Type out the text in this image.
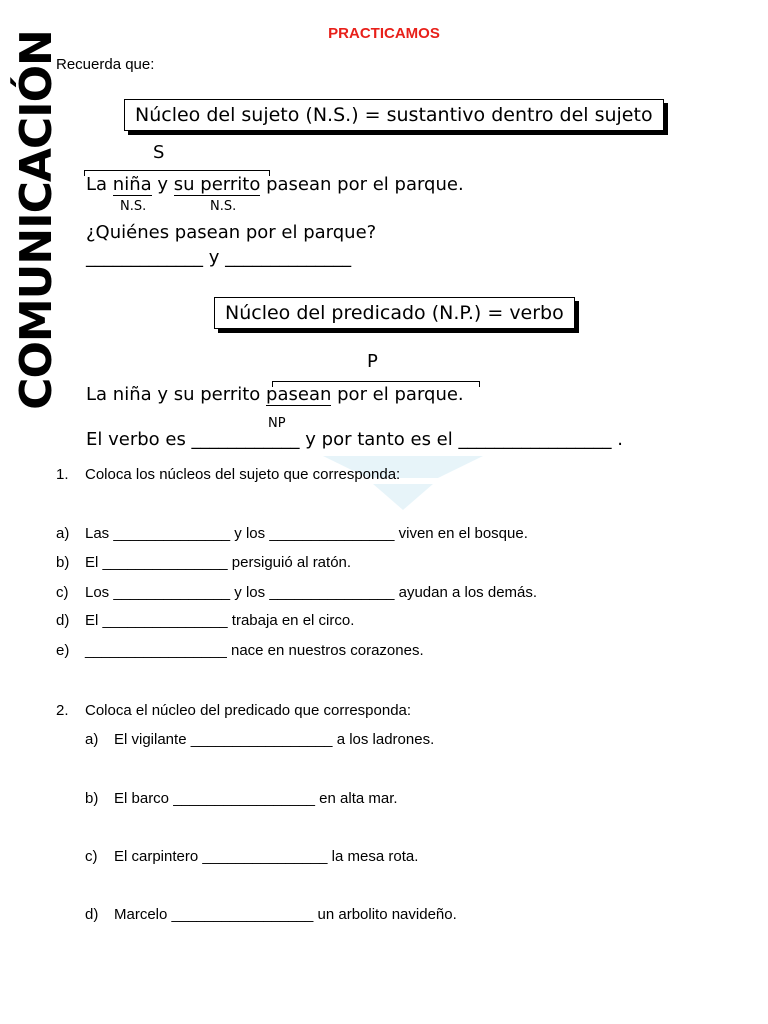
PRACTICAMOS
Recuerda que:
COMUNICACIÓN	Núcleo del sujeto (N.S.) = sustantivo dentro del sujeto
S
La niña y su perrito pasean por el parque.
N.S.	N.S.
¿Quiénes pasean por el parque?
_____________ y ______________
Núcleo del predicado (N.P.) = verbo
P
La niña y su perrito pasean por el parque.
NP
El verbo es ____________ y por tanto es el _________________ .
1. Coloca los núcleos del sujeto que corresponda:
a) Las ______________ y los _______________ viven en el bosque.
b) El _______________ persiguió al ratón.
c) Los ______________ y los _______________ ayudan a los demás.
d) El _______________ trabaja en el circo.
e) _________________ nace en nuestros corazones.
2. Coloca el núcleo del predicado que corresponda:
a) El vigilante _________________ a los ladrones.
b) El barco _________________ en alta mar.
c) El carpintero _______________ la mesa rota.
d) Marcelo _________________ un arbolito navideño.
